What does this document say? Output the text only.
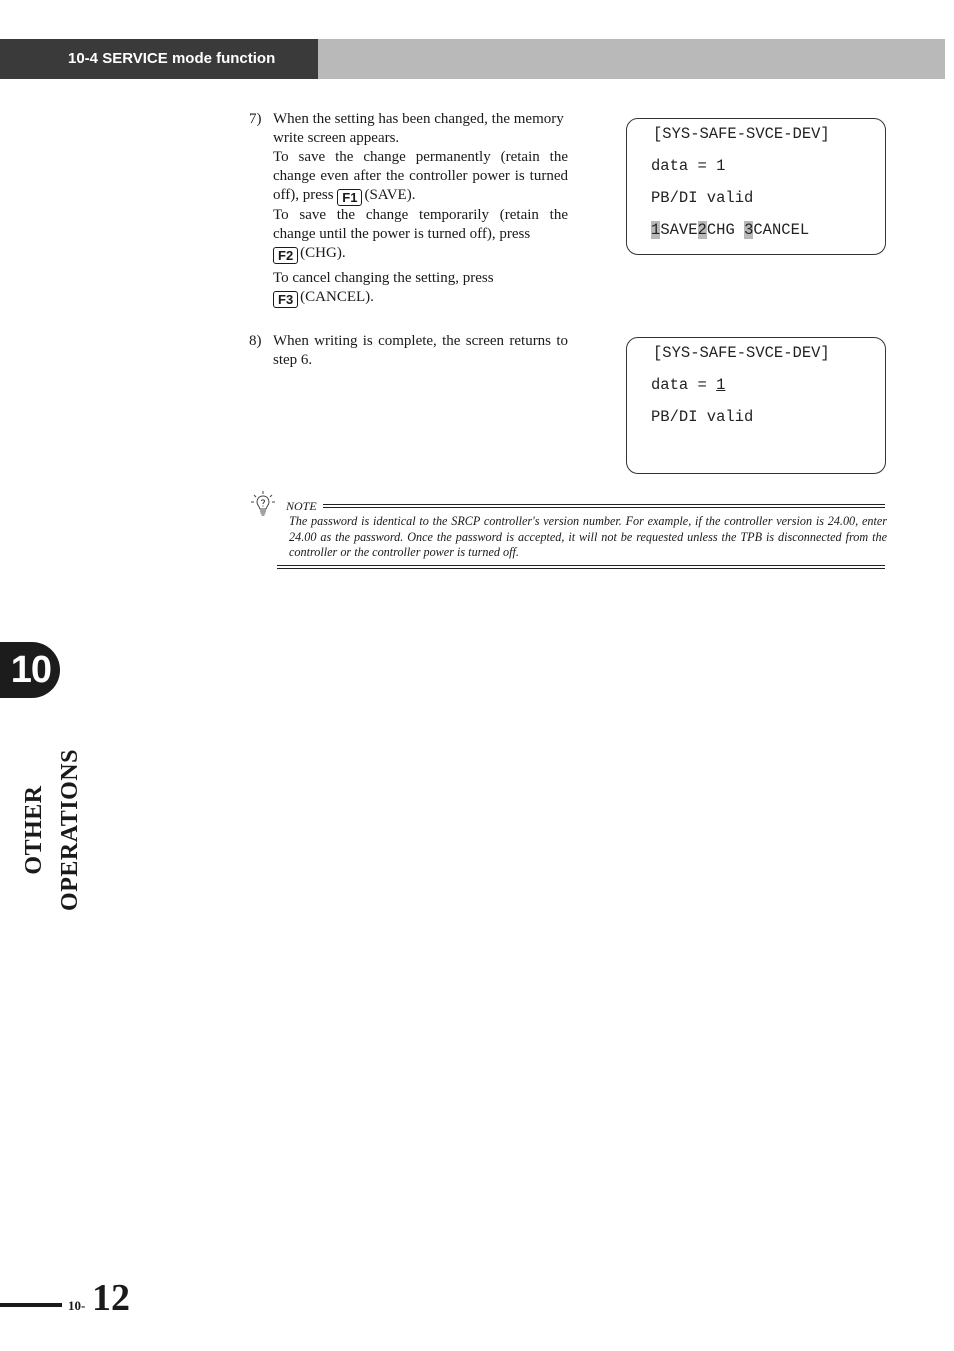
10-4 SERVICE mode function
7) When the setting has been changed, the memory write screen appears.

To save the change permanently (retain the change even after the controller power is turned off), press F1 (SAVE).

To save the change temporarily (retain the change until the power is turned off), press
F2 (CHG).

To cancel changing the setting, press
F3 (CANCEL).

[SYS-SAFE-SVCE-DEV]
data = 1
PB/DI valid
1SAVE2CHG 3CANCEL
8) When writing is complete, the screen returns to step 6.	[SYS-SAFE-SVCE-DEV]
data = 1
PB/DI valid
NOTE
The password is identical to the SRCP controller's version number. For example, if the controller version is 24.00, enter 24.00 as the password. Once the password is accepted, it will not be requested unless the TPB is disconnected from the controller or the controller power is turned off.
10
OTHER OPERATIONS
10- 12
